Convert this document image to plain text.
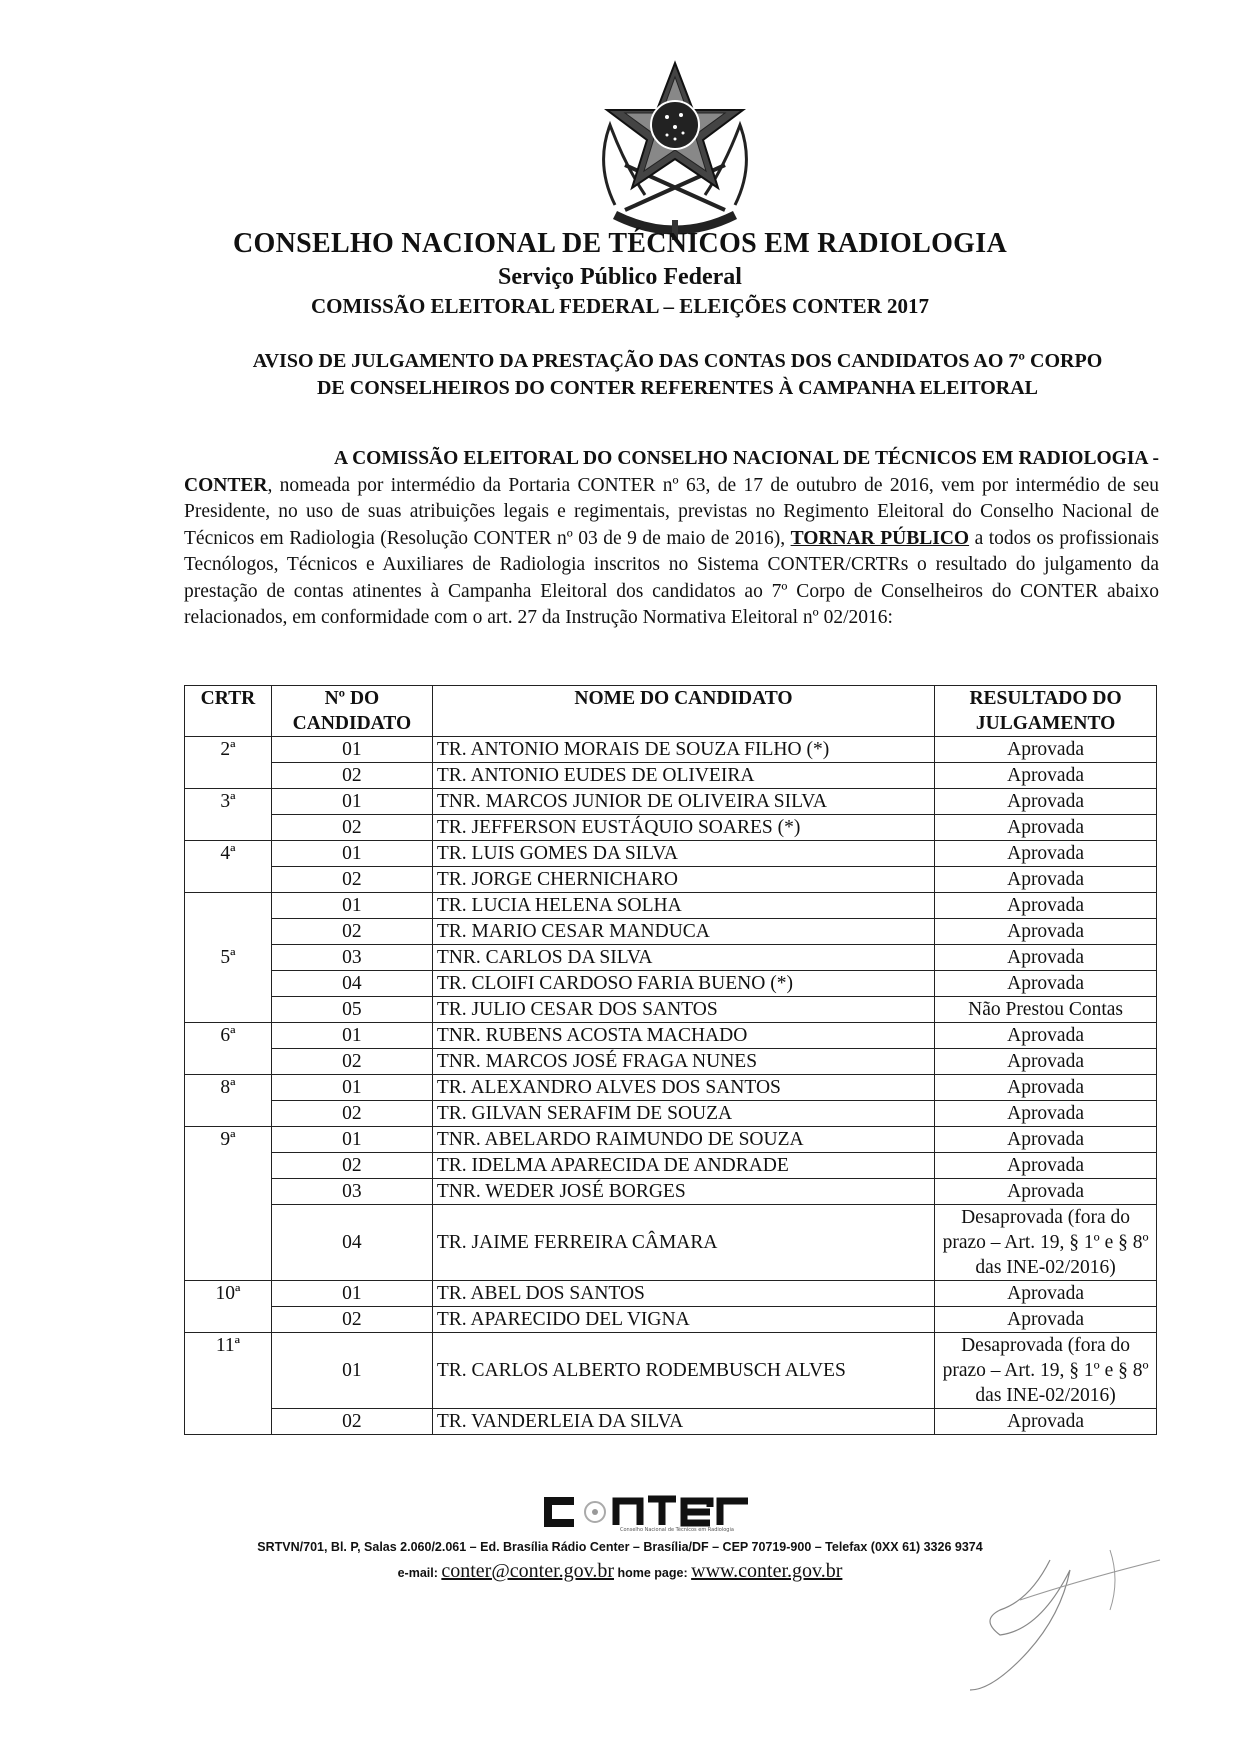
CONSELHO NACIONAL DE TÉCNICOS EM RADIOLOGIA
Serviço Público Federal
COMISSÃO ELEITORAL FEDERAL – ELEIÇÕES CONTER 2017
AVISO DE JULGAMENTO DA PRESTAÇÃO DAS CONTAS DOS CANDIDATOS AO 7º CORPO
DE CONSELHEIROS DO CONTER REFERENTES À CAMPANHA ELEITORAL
A COMISSÃO ELEITORAL DO CONSELHO NACIONAL DE TÉCNICOS EM RADIOLOGIA - CONTER, nomeada por intermédio da Portaria CONTER nº 63, de 17 de outubro de 2016, vem por intermédio de seu Presidente, no uso de suas atribuições legais e regimentais, previstas no Regimento Eleitoral do Conselho Nacional de Técnicos em Radiologia (Resolução CONTER nº 03 de 9 de maio de 2016), TORNAR PÚBLICO a todos os profissionais Tecnólogos, Técnicos e Auxiliares de Radiologia inscritos no Sistema CONTER/CRTRs o resultado do julgamento da prestação de contas atinentes à Campanha Eleitoral dos candidatos ao 7º Corpo de Conselheiros do CONTER abaixo relacionados, em conformidade com o art. 27 da Instrução Normativa Eleitoral nº 02/2016:
CRTR	Nº DO CANDIDATO	NOME DO CANDIDATO	RESULTADO DO JULGAMENTO
2ª	01	TR. ANTONIO MORAIS DE SOUZA FILHO (*)	Aprovada
	02	TR. ANTONIO EUDES DE OLIVEIRA	Aprovada
3ª	01	TNR. MARCOS JUNIOR DE OLIVEIRA SILVA	Aprovada
	02	TR. JEFFERSON EUSTÁQUIO SOARES (*)	Aprovada
4ª	01	TR. LUIS GOMES DA SILVA	Aprovada
	02	TR. JORGE CHERNICHARO	Aprovada
5ª	01	TR. LUCIA HELENA SOLHA	Aprovada
	02	TR. MARIO CESAR MANDUCA	Aprovada
	03	TNR. CARLOS DA SILVA	Aprovada
	04	TR. CLOIFI CARDOSO FARIA BUENO (*)	Aprovada
	05	TR. JULIO CESAR DOS SANTOS	Não Prestou Contas
6ª	01	TNR. RUBENS ACOSTA MACHADO	Aprovada
	02	TNR. MARCOS JOSÉ FRAGA NUNES	Aprovada
8ª	01	TR. ALEXANDRO ALVES DOS SANTOS	Aprovada
	02	TR. GILVAN SERAFIM DE SOUZA	Aprovada
9ª	01	TNR. ABELARDO RAIMUNDO DE SOUZA	Aprovada
	02	TR. IDELMA APARECIDA DE ANDRADE	Aprovada
	03	TNR. WEDER JOSÉ BORGES	Aprovada
	04	TR. JAIME FERREIRA CÂMARA	Desaprovada (fora do prazo – Art. 19, § 1º e § 8º das INE-02/2016)
10ª	01	TR. ABEL DOS SANTOS	Aprovada
	02	TR. APARECIDO DEL VIGNA	Aprovada
11ª	01	TR. CARLOS ALBERTO RODEMBUSCH ALVES	Desaprovada (fora do prazo – Art. 19, § 1º e § 8º das INE-02/2016)
	02	TR. VANDERLEIA DA SILVA	Aprovada
Conselho Nacional de Técnicos em Radiologia
SRTVN/701, Bl. P, Salas 2.060/2.061 – Ed. Brasília Rádio Center – Brasília/DF – CEP 70719-900 – Telefax (0XX 61) 3326 9374
e-mail: conter@conter.gov.br home page: www.conter.gov.br
